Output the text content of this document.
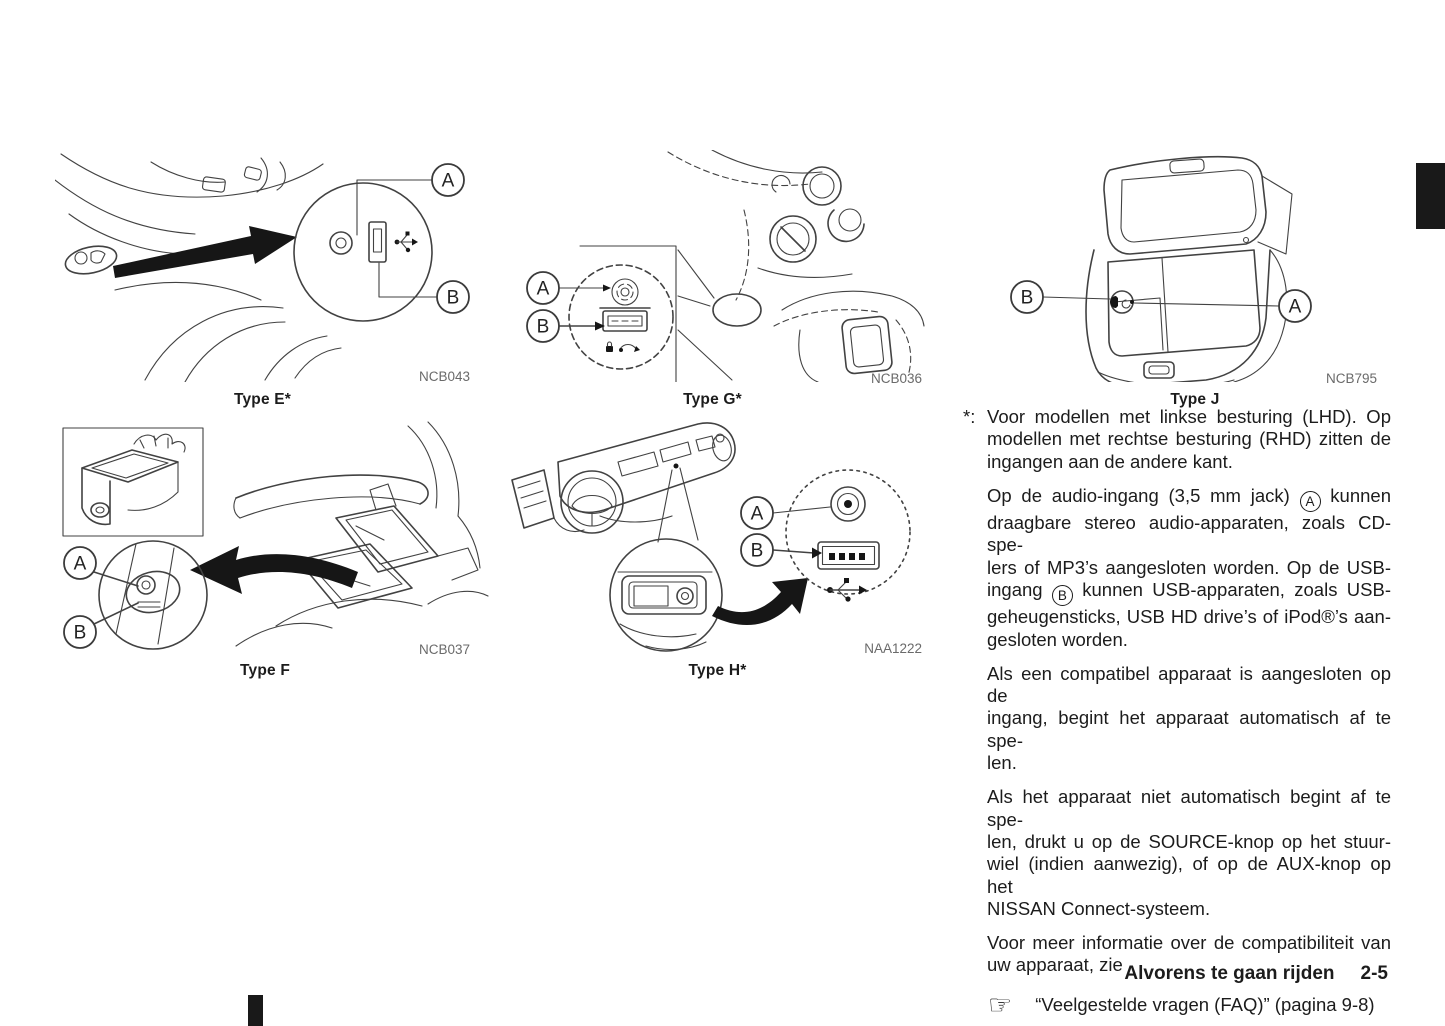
A
B
NCB043
Type E*
A
B
NCB036
Type G*
B	A
NCB795
Type J
A
B
NCB037
Type F
A
B
NAA1222
Type H*
*: Voor modellen met linkse besturing (LHD). Op
modellen met rechtse besturing (RHD) zitten de
ingangen aan de andere kant.
Op de audio-ingang (3,5 mm jack) A kunnen
draagbare stereo audio-apparaten, zoals CD-spe-
lers of MP3’s aangesloten worden. Op de USB-
ingang B kunnen USB-apparaten, zoals USB-
geheugensticks, USB HD drive’s of iPod®’s aan-
gesloten worden.
Als een compatibel apparaat is aangesloten op de
ingang, begint het apparaat automatisch af te spe-
len.
Als het apparaat niet automatisch begint af te spe-
len, drukt u op de SOURCE-knop op het stuur-
wiel (indien aanwezig), of op de AUX-knop op het
NISSAN Connect-systeem.
Voor meer informatie over de compatibiliteit van
uw apparaat, zie
☞ “Veelgestelde vragen (FAQ)” (pagina 9-8)
Alvorens te gaan rijden 2-5
